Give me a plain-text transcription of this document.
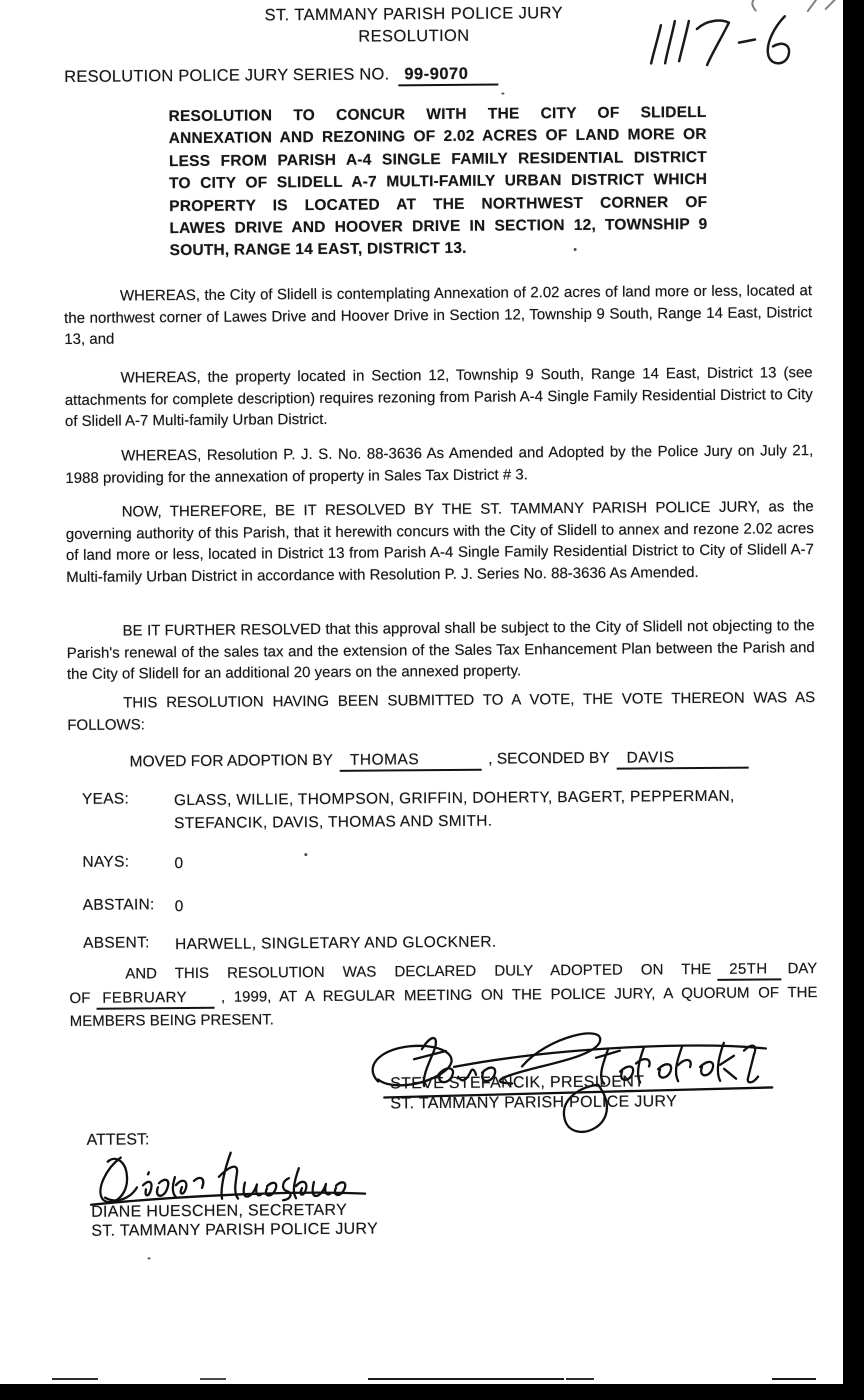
ST. TAMMANY PARISH POLICE JURY
RESOLUTION
RESOLUTION POLICE JURY SERIES NO. 99-9070
RESOLUTION TO CONCUR WITH THE CITY OF SLIDELL
ANNEXATION AND REZONING OF 2.02 ACRES OF LAND MORE OR
LESS FROM PARISH A-4 SINGLE FAMILY RESIDENTIAL DISTRICT
TO CITY OF SLIDELL A-7 MULTI-FAMILY URBAN DISTRICT WHICH
PROPERTY IS LOCATED AT THE NORTHWEST CORNER OF
LAWES DRIVE AND HOOVER DRIVE IN SECTION 12, TOWNSHIP 9
SOUTH, RANGE 14 EAST, DISTRICT 13.
WHEREAS, the City of Slidell is contemplating Annexation of 2.02 acres of land more or less, located at the northwest corner of Lawes Drive and Hoover Drive in Section 12, Township 9 South, Range 14 East, District 13, and
WHEREAS, the property located in Section 12, Township 9 South, Range 14 East, District 13 (see attachments for complete description) requires rezoning from Parish A-4 Single Family Residential District to City of Slidell A-7 Multi-family Urban District.
WHEREAS, Resolution P. J. S. No. 88-3636 As Amended and Adopted by the Police Jury on July 21, 1988 providing for the annexation of property in Sales Tax District # 3.
NOW, THEREFORE, BE IT RESOLVED BY THE ST. TAMMANY PARISH POLICE JURY, as the governing authority of this Parish, that it herewith concurs with the City of Slidell to annex and rezone 2.02 acres of land more or less, located in District 13 from Parish A-4 Single Family Residential District to City of Slidell A-7 Multi-family Urban District in accordance with Resolution P. J. Series No. 88-3636 As Amended.
BE IT FURTHER RESOLVED that this approval shall be subject to the City of Slidell not objecting to the Parish's renewal of the sales tax and the extension of the Sales Tax Enhancement Plan between the Parish and the City of Slidell for an additional 20 years on the annexed property.
THIS RESOLUTION HAVING BEEN SUBMITTED TO A VOTE, THE VOTE THEREON WAS AS FOLLOWS:
MOVED FOR ADOPTION BY THOMAS	, SECONDED BY DAVIS
YEAS:	GLASS, WILLIE, THOMPSON, GRIFFIN, DOHERTY, BAGERT, PEPPERMAN, STEFANCIK, DAVIS, THOMAS AND SMITH.
NAYS:	0
ABSTAIN: 0
ABSENT: HARWELL, SINGLETARY AND GLOCKNER.
AND THIS RESOLUTION WAS DECLARED DULY ADOPTED ON THE 25TH DAY OF FEBRUARY , 1999, AT A REGULAR MEETING ON THE POLICE JURY, A QUORUM OF THE MEMBERS BEING PRESENT.
STEVE STEFANCIK, PRESIDENT
ST. TAMMANY PARISH POLICE JURY
ATTEST:
DIANE HUESCHEN, SECRETARY
ST. TAMMANY PARISH POLICE JURY
